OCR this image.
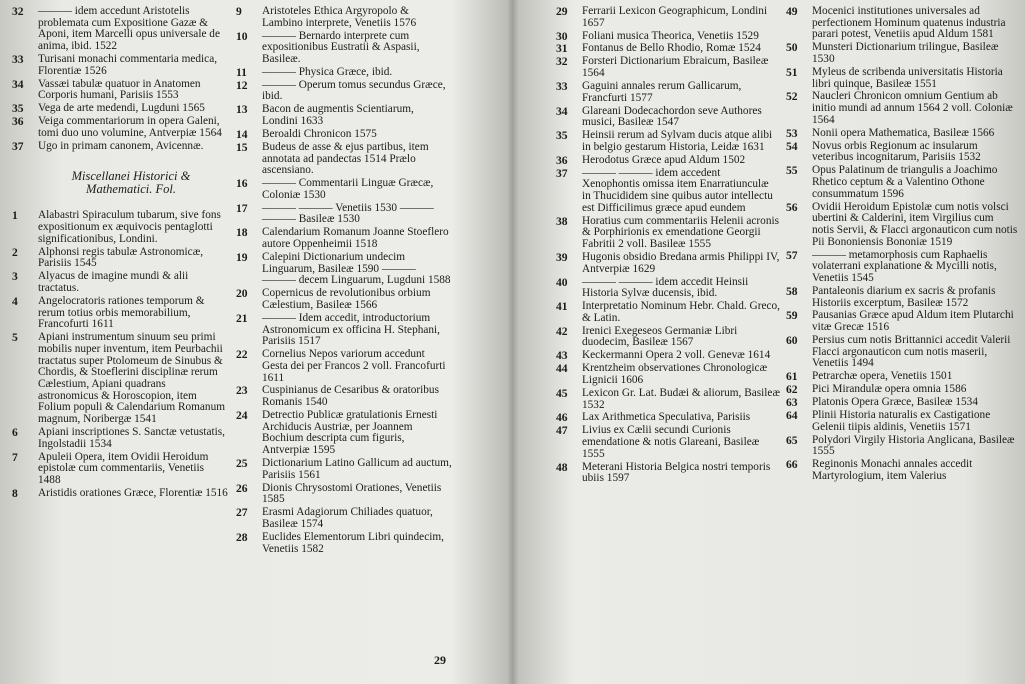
32	——— idem accedunt Aristotelis problemata cum Expositione Gazæ & Aponi, item Marcelli opus universale de anima, ibid. 1522
33	Turisani monachi commentaria medica, Florentiæ 1526
34	Vassæi tabulæ quatuor in Anatomen Corporis humani, Parisiis 1553
35	Vega de arte medendi, Lugduni 1565
36	Veiga commentariorum in opera Galeni, tomi duo uno volumine, Antverpiæ 1564
37	Ugo in primam canonem, Avicennæ.
Miscellanei Historici & Mathematici. Fol.
1	Alabastri Spiraculum tubarum, sive fons expositionum ex æquivocis pentaglotti significationibus, Londini.
2	Alphonsi regis tabulæ Astronomicæ, Parisiis 1545
3	Alyacus de imagine mundi & alii tractatus.
4	Angelocratoris rationes temporum & rerum totius orbis memorabilium, Francofurti 1611
5	Apiani instrumentum sinuum seu primi mobilis nuper inventum, item Peurbachii tractatus super Ptolomeum de Sinubus & Chordis, & Stoeflerini disciplinæ rerum Cælestium, Apiani quadrans astronomicus & Horoscopion, item Folium populi & Calendarium Romanum magnum, Noribergæ 1541
6	Apiani inscriptiones S. Sanctæ vetustatis, Ingolstadii 1534
7	Apuleii Opera, item Ovidii Heroidum epistolæ cum commentariis, Venetiis 1488
8	Aristidis orationes Græce, Florentiæ 1516
9	Aristoteles Ethica Argyropolo & Lambino interprete, Venetiis 1576
10	——— Bernardo interprete cum expositionibus Eustratii & Aspasii, Basileæ.
11	——— Physica Græce, ibid.
12	——— Operum tomus secundus Græce, ibid.
13	Bacon de augmentis Scientiarum, Londini 1633
14	Beroaldi Chronicon 1575
15	Budeus de asse & ejus partibus, item annotata ad pandectas 1514 Prælo ascensiano.
16	——— Commentarii Linguæ Græcæ, Coloniæ 1530
17	——— ——— Venetiis 1530 ——— ——— Basileæ 1530
18	Calendarium Romanum Joanne Stoeflero autore Oppenheimii 1518
19	Calepini Dictionarium undecim Linguarum, Basileæ 1590 ——— ——— decem Linguarum, Lugduni 1588
20	Copernicus de revolutionibus orbium Cælestium, Basileæ 1566
21	——— Idem accedit, introductorium Astronomicum ex officina H. Stephani, Parisiis 1517
22	Cornelius Nepos variorum accedunt Gesta dei per Francos 2 voll. Francofurti 1611
23	Cuspinianus de Cesaribus & oratoribus Romanis 1540
24	Detrectio Publicæ gratulationis Ernesti Archiducis Austriæ, per Joannem Bochium descripta cum figuris, Antverpiæ 1595
25	Dictionarium Latino Gallicum ad auctum, Parisiis 1561
26	Dionis Chrysostomi Orationes, Venetiis 1585
27	Erasmi Adagiorum Chiliades quatuor, Basileæ 1574
28	Euclides Elementorum Libri quindecim, Venetiis 1582
29
29	Ferrarii Lexicon Geographicum, Londini 1657
30	Foliani musica Theorica, Venetiis 1529
31	Fontanus de Bello Rhodio, Romæ 1524
32	Forsteri Dictionarium Ebraicum, Basileæ 1564
33	Gaguini annales rerum Gallicarum, Francfurti 1577
34	Glareani Dodecachordon seve Authores musici, Basileæ 1547
35	Heinsii rerum ad Sylvam ducis atque alibi in belgio gestarum Historia, Leidæ 1631
36	Herodotus Græce apud Aldum 1502
37	——— ——— idem accedent Xenophontis omissa item Enarratiunculæ in Thucididem sine quibus autor intellectu est Difficilimus græce apud eundem
38	Horatius cum commentariis Helenii acronis & Porphirionis ex emendatione Georgii Fabritii 2 voll. Basileæ 1555
39	Hugonis obsidio Bredana armis Philippi IV, Antverpiæ 1629
40	——— ——— idem accedit Heinsii Historia Sylvæ ducensis, ibid.
41	Interpretatio Nominum Hebr. Chald. Greco, & Latin.
42	Irenici Exegeseos Germaniæ Libri duodecim, Basileæ 1567
43	Keckermanni Opera 2 voll. Genevæ 1614
44	Krentzheim observationes Chronologicæ Lignicii 1606
45	Lexicon Gr. Lat. Budæi & aliorum, Basileæ 1532
46	Lax Arithmetica Speculativa, Parisiis
47	Livius ex Cælii secundi Curionis emendatione & notis Glareani, Basileæ 1555
48	Meterani Historia Belgica nostri temporis ubiis 1597
49	Mocenici institutiones universales ad perfectionem Hominum quatenus industria parari potest, Venetiis apud Aldum 1581
50	Munsteri Dictionarium trilingue, Basileæ 1530
51	Myleus de scribenda universitatis Historia libri quinque, Basileæ 1551
52	Naucleri Chronicon omnium Gentium ab initio mundi ad annum 1564 2 voll. Coloniæ 1564
53	Nonii opera Mathematica, Basileæ 1566
54	Novus orbis Regionum ac insularum veteribus incognitarum, Parisiis 1532
55	Opus Palatinum de triangulis a Joachimo Rhetico ceptum & a Valentino Othone consummatum 1596
56	Ovidii Heroidum Epistolæ cum notis volsci ubertini & Calderini, item Virgilius cum notis Servii, & Flacci argonauticon cum notis Pii Bononiensis Bononiæ 1519
57	——— metamorphosis cum Raphaelis volaterrani explanatione & Mycilli notis, Venetiis 1545
58	Pantaleonis diarium ex sacris & profanis Historiis excerptum, Basileæ 1572
59	Pausanias Græce apud Aldum item Plutarchi vitæ Grecæ 1516
60	Persius cum notis Brittannici accedit Valerii Flacci argonauticon cum notis maserii, Venetiis 1494
61	Petrarchæ opera, Venetiis 1501
62	Pici Mirandulæ opera omnia 1586
63	Platonis Opera Græce, Basileæ 1534
64	Plinii Historia naturalis ex Castigatione Gelenii tiipis aldinis, Venetiis 1571
65	Polydori Virgily Historia Anglicana, Basileæ 1555
66	Reginonis Monachi annales accedit Martyrologium, item Valerius
